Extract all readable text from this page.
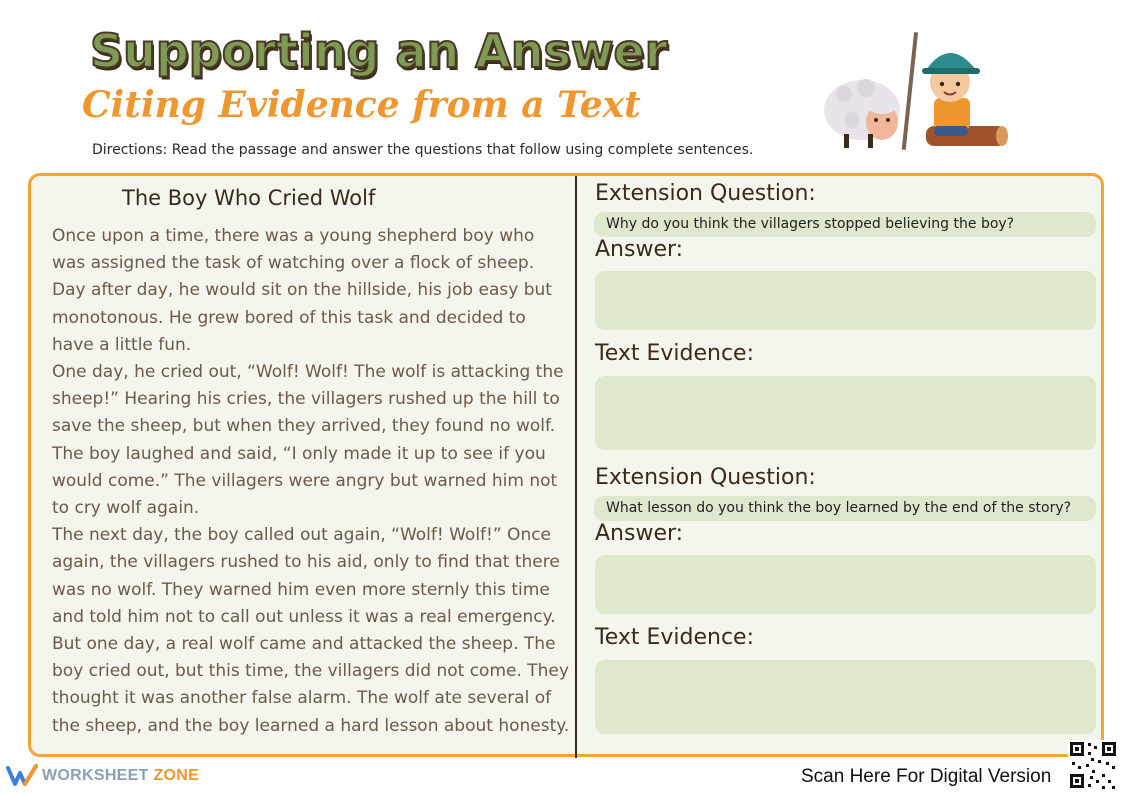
Supporting an Answer
Citing Evidence from a Text
Directions: Read the passage and answer the questions that follow using complete sentences.
The Boy Who Cried Wolf

Once upon a time, there was a young shepherd boy who was assigned the task of watching over a flock of sheep. Day after day, he would sit on the hillside, his job easy but monotonous. He grew bored of this task and decided to have a little fun.

One day, he cried out, “Wolf! Wolf! The wolf is attacking the sheep!” Hearing his cries, the villagers rushed up the hill to save the sheep, but when they arrived, they found no wolf. The boy laughed and said, “I only made it up to see if you would come.” The villagers were angry but warned him not to cry wolf again.

The next day, the boy called out again, “Wolf! Wolf!” Once again, the villagers rushed to his aid, only to find that there was no wolf. They warned him even more sternly this time and told him not to call out unless it was a real emergency. But one day, a real wolf came and attacked the sheep. The boy cried out, but this time, the villagers did not come. They thought it was another false alarm. The wolf ate several of the sheep, and the boy learned a hard lesson about honesty.

Extension Question:
Why do you think the villagers stopped believing the boy?
Answer:
Text Evidence:
Extension Question:
What lesson do you think the boy learned by the end of the story?
Answer:
Text Evidence:
WORKSHEET ZONE	Scan Here For Digital Version
